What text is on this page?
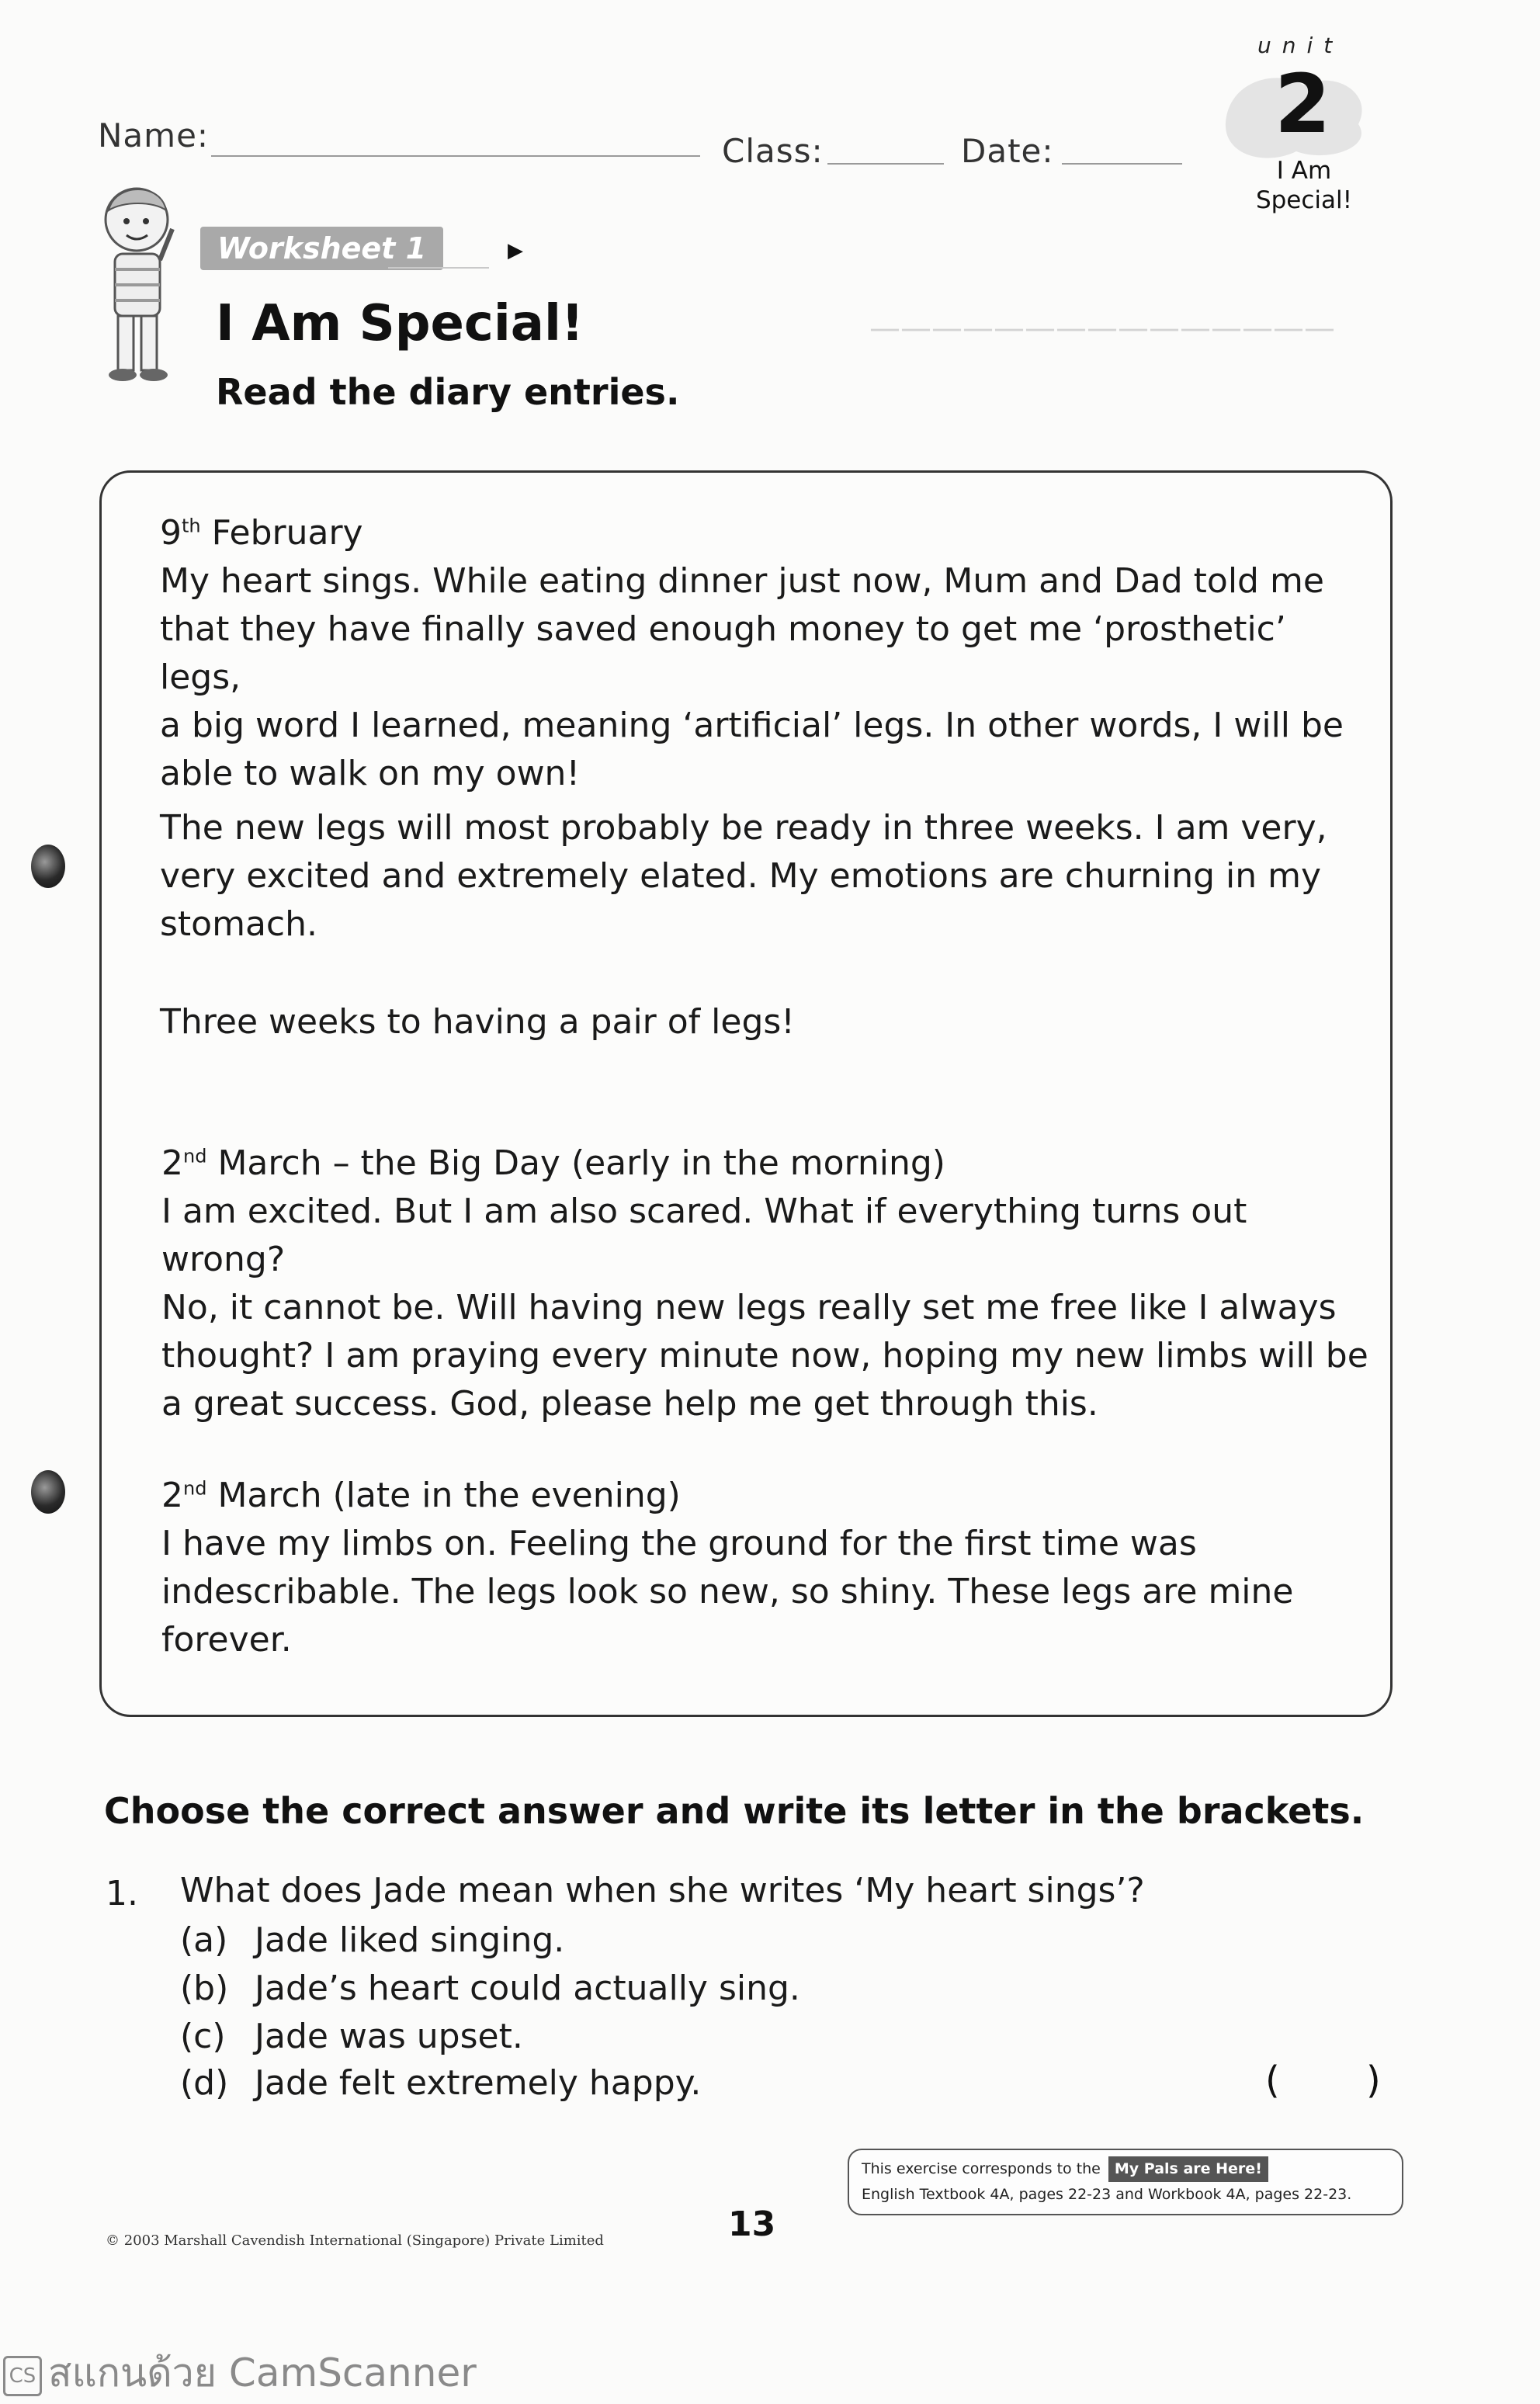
Name:	Class:	Date:
unit
2
I Am
Special!
Worksheet 1	▶
I Am Special!
Read the diary entries.
———————————————

9th February

My heart sings. While eating dinner just now, Mum and Dad told me

that they have finally saved enough money to get me ‘prosthetic’ legs,

a big word I learned, meaning ‘artificial’ legs. In other words, I will be

able to walk on my own!

The new legs will most probably be ready in three weeks. I am very,

very excited and extremely elated. My emotions are churning in my

stomach.

Three weeks to having a pair of legs!

2nd March – the Big Day (early in the morning)

I am excited. But I am also scared. What if everything turns out wrong?

No, it cannot be. Will having new legs really set me free like I always

thought? I am praying every minute now, hoping my new limbs will be

a great success. God, please help me get through this.

2nd March (late in the evening)

I have my limbs on. Feeling the ground for the first time was

indescribable. The legs look so new, so shiny. These legs are mine

forever.

Choose the correct answer and write its letter in the brackets.
1. What does Jade mean when she writes ‘My heart sings’?
(a) Jade liked singing.
(b) Jade’s heart could actually sing.
(c) Jade was upset.
(d) Jade felt extremely happy.	( )
This exercise corresponds to the My Pals are Here!
English Textbook 4A, pages 22-23 and Workbook 4A, pages 22-23.
© 2003 Marshall Cavendish International (Singapore) Private Limited	13
CS สแกนด้วย CamScanner
